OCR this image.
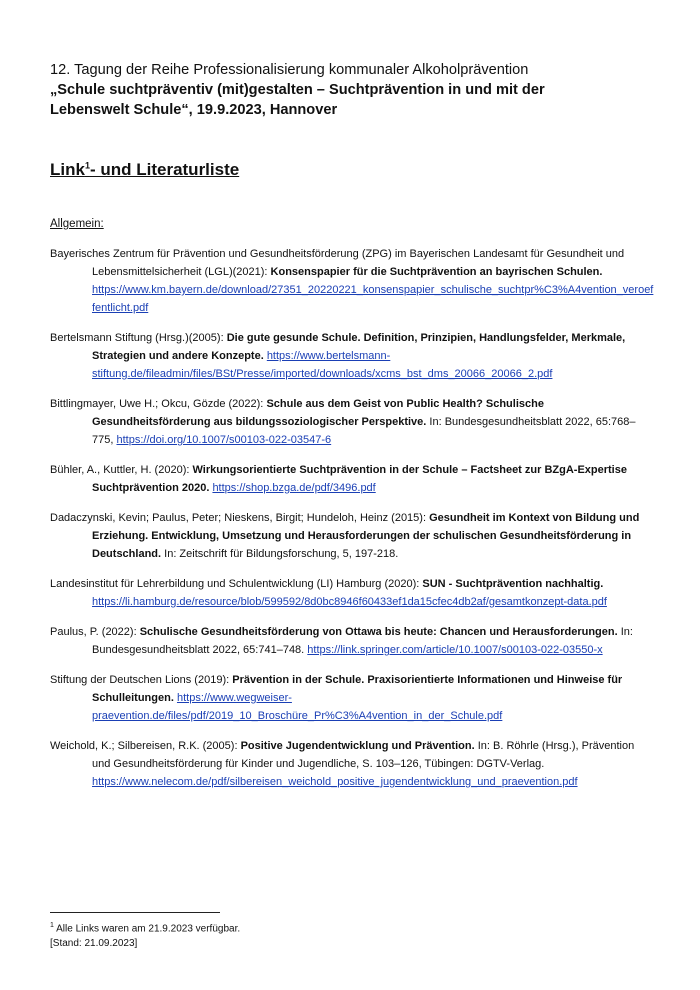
12. Tagung der Reihe Professionalisierung kommunaler Alkoholprävention
„Schule suchtpräventiv (mit)gestalten – Suchtprävention in und mit der
Lebenswelt Schule“, 19.9.2023, Hannover
Link$^1$- und Literaturliste
Allgemein:
Bayerisches Zentrum für Prävention und Gesundheitsförderung (ZPG) im Bayerischen Landesamt für Gesundheit und Lebensmittelsicherheit (LGL)(2021): Konsenspapier für die Suchtprävention an bayrischen Schulen. https://www.km.bayern.de/download/27351_20220221_konsenspapier_schulische_suchtpr%C3%A4vention_veroeffentlicht.pdf
Bertelsmann Stiftung (Hrsg.)(2005): Die gute gesunde Schule. Definition, Prinzipien, Handlungsfelder, Merkmale, Strategien und andere Konzepte. https://www.bertelsmann-stiftung.de/fileadmin/files/BSt/Presse/imported/downloads/xcms_bst_dms_20066_20066_2.pdf
Bittlingmayer, Uwe H.; Okcu, Gözde (2022): Schule aus dem Geist von Public Health? Schulische Gesundheitsförderung aus bildungssoziologischer Perspektive. In: Bundesgesundheitsblatt 2022, 65:768–775, https://doi.org/10.1007/s00103-022-03547-6
Bühler, A., Kuttler, H. (2020): Wirkungsorientierte Suchtprävention in der Schule – Factsheet zur BZgA-Expertise Suchtprävention 2020. https://shop.bzga.de/pdf/3496.pdf
Dadaczynski, Kevin; Paulus, Peter; Nieskens, Birgit; Hundeloh, Heinz (2015): Gesundheit im Kontext von Bildung und Erziehung. Entwicklung, Umsetzung und Herausforderungen der schulischen Gesundheitsförderung in Deutschland. In: Zeitschrift für Bildungsforschung, 5, 197-218.
Landesinstitut für Lehrerbildung und Schulentwicklung (LI) Hamburg (2020): SUN - Suchtprävention nachhaltig. https://li.hamburg.de/resource/blob/599592/8d0bc8946f60433ef1da15cfec4db2af/gesamtkonzept-data.pdf
Paulus, P. (2022): Schulische Gesundheitsförderung von Ottawa bis heute: Chancen und Herausforderungen. In: Bundesgesundheitsblatt 2022, 65:741–748. https://link.springer.com/article/10.1007/s00103-022-03550-x
Stiftung der Deutschen Lions (2019): Prävention in der Schule. Praxisorientierte Informationen und Hinweise für Schulleitungen. https://www.wegweiser-praevention.de/files/pdf/2019_10_Broschüre_Pr%C3%A4vention_in_der_Schule.pdf
Weichold, K.; Silbereisen, R.K. (2005): Positive Jugendentwicklung und Prävention. In: B. Röhrle (Hrsg.), Prävention und Gesundheitsförderung für Kinder und Jugendliche, S. 103–126, Tübingen: DGTV-Verlag. https://www.nelecom.de/pdf/silbereisen_weichold_positive_jugendentwicklung_und_praevention.pdf
$^1$ Alle Links waren am 21.9.2023 verfügbar.
[Stand: 21.09.2023]
